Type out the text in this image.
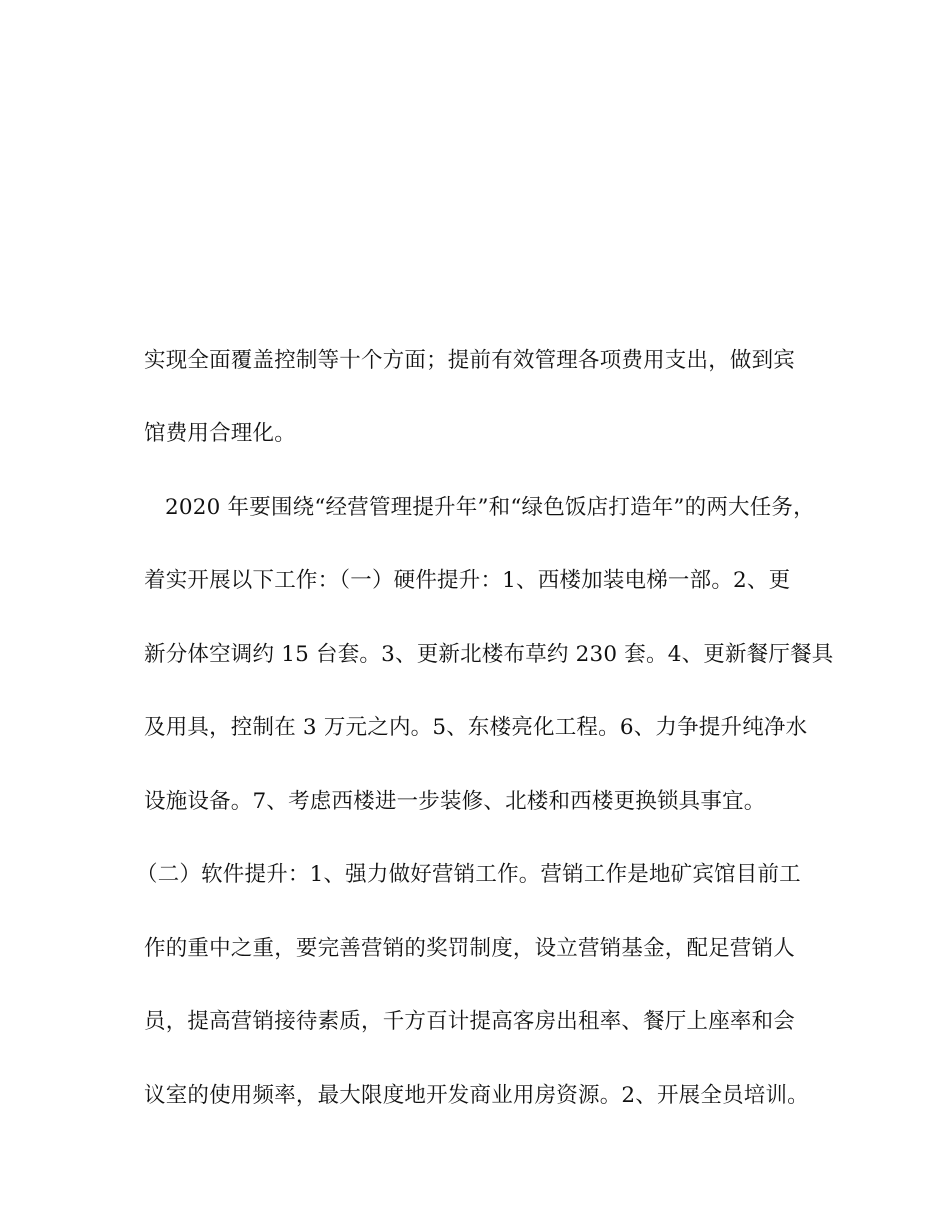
实现全面覆盖控制等十个方面；提前有效管理各项费用支出，做到宾
馆费用合理化。
2020 年要围绕“经营管理提升年”和“绿色饭店打造年”的两大任务，
着实开展以下工作：（一）硬件提升：1、西楼加装电梯一部。2、更
新分体空调约 15 台套。3、更新北楼布草约 230 套。4、更新餐厅餐具
及用具，控制在 3 万元之内。5、东楼亮化工程。6、力争提升纯净水
设施设备。7、考虑西楼进一步装修、北楼和西楼更换锁具事宜。
（二）软件提升：1、强力做好营销工作。营销工作是地矿宾馆目前工
作的重中之重，要完善营销的奖罚制度，设立营销基金，配足营销人
员，提高营销接待素质，千方百计提高客房出租率、餐厅上座率和会
议室的使用频率，最大限度地开发商业用房资源。2、开展全员培训。
